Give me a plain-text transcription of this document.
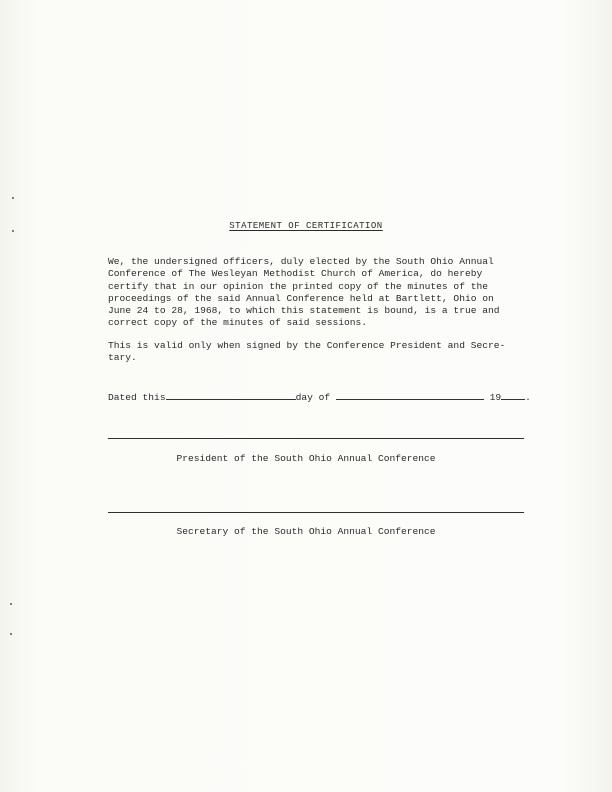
STATEMENT OF CERTIFICATION

We, the undersigned officers, duly elected by the South Ohio Annual
Conference of The Wesleyan Methodist Church of America, do hereby
certify that in our opinion the printed copy of the minutes of the
proceedings of the said Annual Conference held at Bartlett, Ohio on
June 24 to 28, 1968, to which this statement is bound, is a true and
correct copy of the minutes of said sessions.

This is valid only when signed by the Conference President and Secre-
tary.

Dated this	day of

	19	.
President of the South Ohio Annual Conference
Secretary of the South Ohio Annual Conference
